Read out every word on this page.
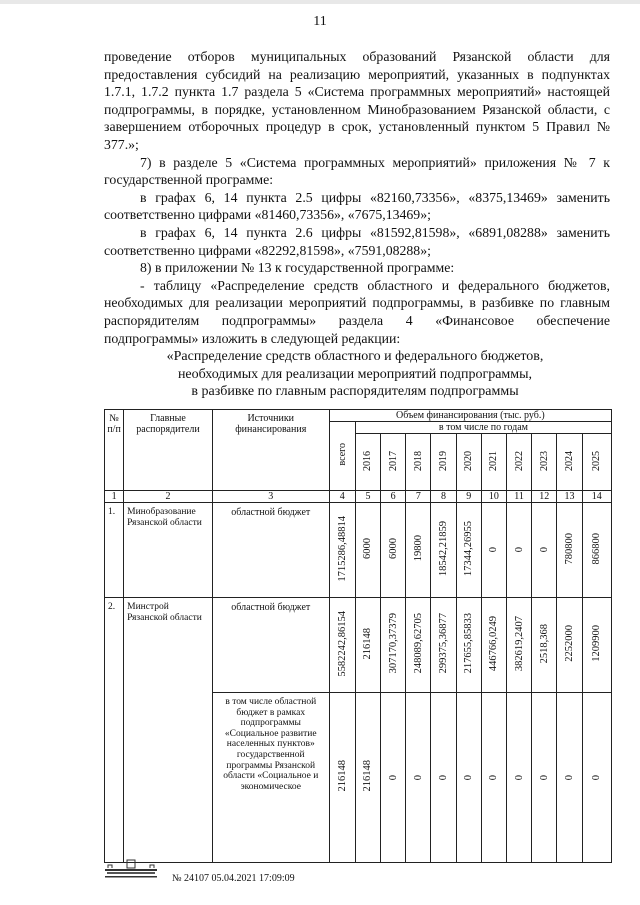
11

проведение отборов муниципальных образований Рязанской области для предоставления субсидий на реализацию мероприятий, указанных в подпунктах 1.7.1, 1.7.2 пункта 1.7 раздела 5 «Система программных мероприятий» настоящей подпрограммы, в порядке, установленном Минобразованием Рязанской области, с завершением отборочных процедур в срок, установленный пунктом 5 Правил № 377.»;

7) в разделе 5 «Система программных мероприятий» приложения № 7 к государственной программе:

в графах 6, 14 пункта 2.5 цифры «82160,73356», «8375,13469» заменить соответственно цифрами «81460,73356», «7675,13469»;

в графах 6, 14 пункта 2.6 цифры «81592,81598», «6891,08288» заменить соответственно цифрами «82292,81598», «7591,08288»;

8) в приложении № 13 к государственной программе:

- таблицу «Распределение средств областного и федерального бюджетов, необходимых для реализации мероприятий подпрограммы, в разбивке по главным распорядителям подпрограммы» раздела 4 «Финансовое обеспечение подпрограммы» изложить в следующей редакции:

«Распределение средств областного и федерального бюджетов,
необходимых для реализации мероприятий подпрограммы,
в разбивке по главным распорядителям подпрограммы
№ п/п	Главные распорядители	Источники финансирования	Объем финансирования (тыс. руб.)										
			всего	в том числе по годам									
				2016	2017	2018	2019	2020	2021	2022	2023	2024	2025
1	2	3	4	5	6	7	8	9	10	11	12	13	14
1.	Минобразование Рязанской области	областной бюджет	1715286,48814	6000	6000	19800	18542,21859	17344,26955	0	0	0	780800	866800
2.	Минстрой Рязанской области	областной бюджет	5582242,86154	216148	307170,37379	248089,62705	299375,36877	217655,85833	446766,0249	382619,2407	2518,368	2252000	1209900
		в том числе областной бюджет в рамках подпрограммы «Социальное развитие населенных пунктов» государственной программы Рязанской области «Социальное и экономическое	216148	216148	0	0	0	0	0	0	0	0	0
№ 24107 05.04.2021 17:09:09
